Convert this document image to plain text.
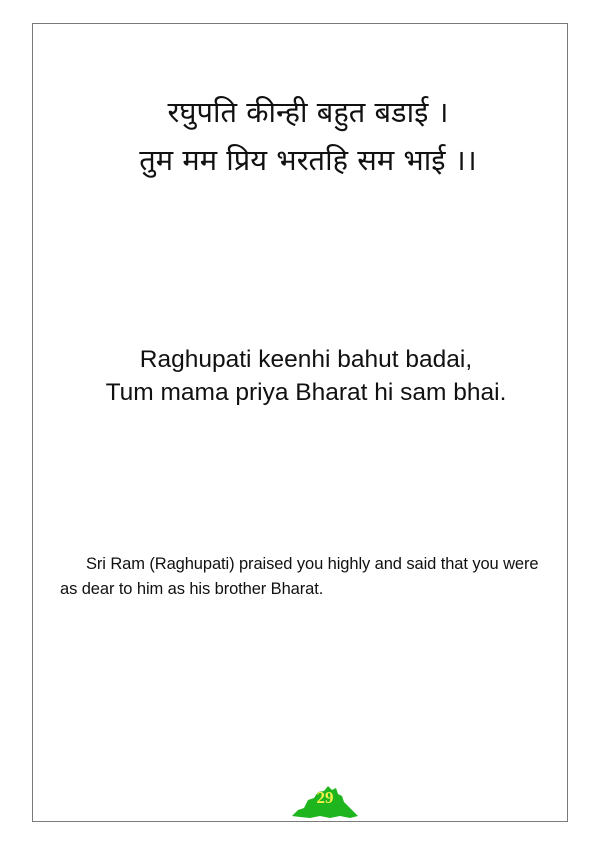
रघुपति कीन्ही बहुत बडाई ।
तुम मम प्रिय भरतहि सम भाई ।।
Raghupati keenhi bahut badai,
Tum mama priya Bharat hi sam bhai.
Sri Ram (Raghupati) praised you highly and said that you were as dear to him as his brother Bharat.
29
